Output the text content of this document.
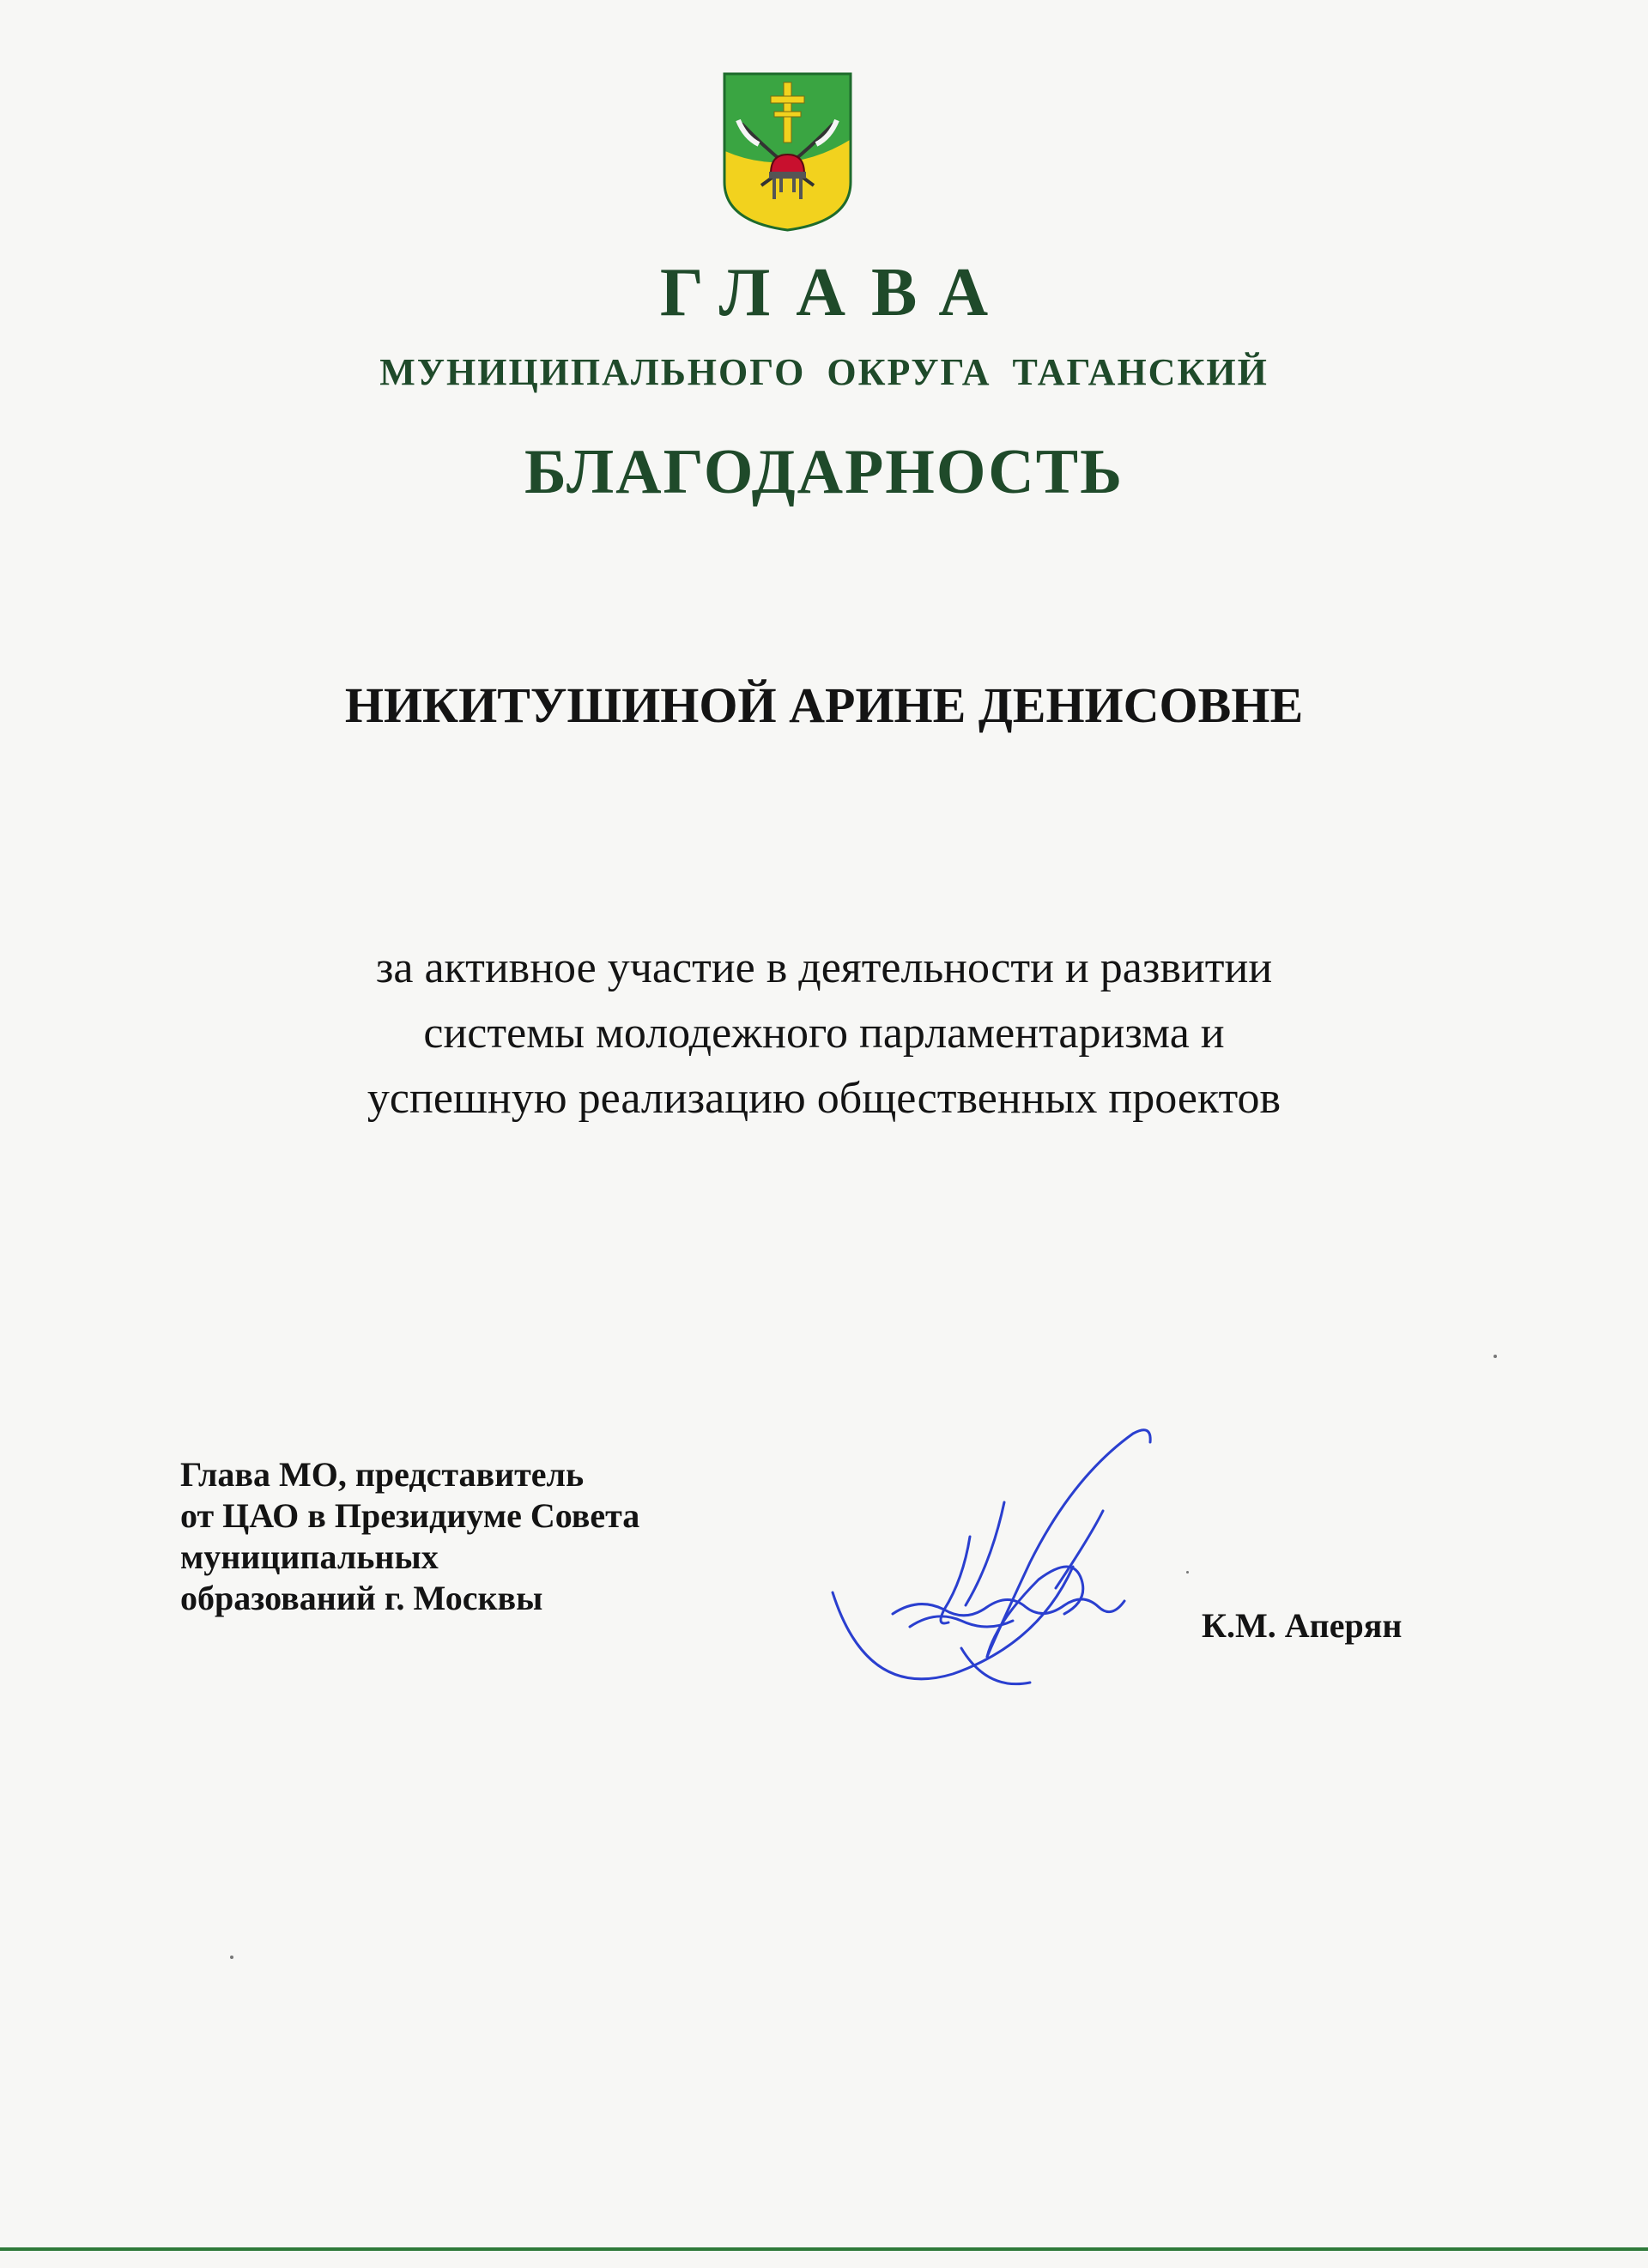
ГЛАВА
МУНИЦИПАЛЬНОГО ОКРУГА ТАГАНСКИЙ
БЛАГОДАРНОСТЬ

НИКИТУШИНОЙ АРИНЕ ДЕНИСОВНЕ

за активное участие в деятельности и развитии
системы молодежного парламентаризма и
успешную реализацию общественных проектов
Глава МО, представитель
от ЦАО в Президиуме Совета
муниципальных
образований г. Москвы
К.М. Аперян
